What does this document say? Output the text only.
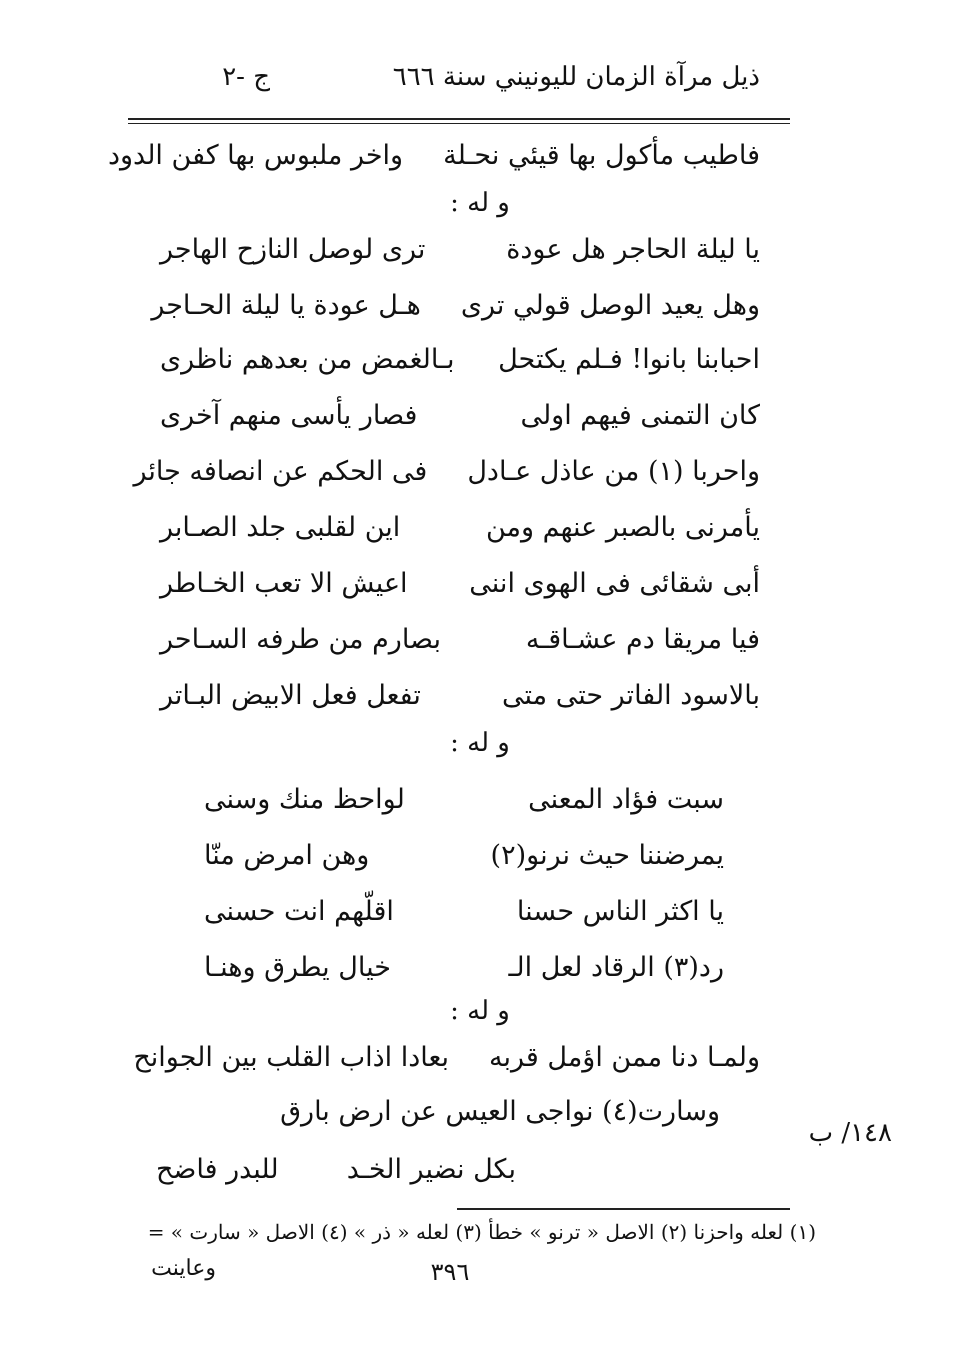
ذيل مرآة الزمان لليونيني سنة ٦٦٦
ج -٢
فاطيب مأكول بها قيئي نحـلة
واخر ملبوس بها كفن الدود
و له :
يا ليلة الحاجر هل عودة
ترى لوصل النازح الهاجر
وهل يعيد الوصل قولي ترى
هـل عودة يا ليلة الحـاجر
احبابنا بانوا! فـلم يكتحل
بـالغمض من بعدهم ناظرى
كان التمنى فيهم اولى
فصار يأسى منهم آخرى
واحربا (١) من عاذل عـادل
فى الحكم عن انصافه جائر
يأمرنى بالصبر عنهم ومن
اين لقلبى جلد الصـابر
أبى شقائى فى الهوى اننى
اعيش الا تعب الخـاطر
فيا مريقا دم عشـاقـه
بصارم من طرفه السـاحر
بالاسود الفاتر حتى متى
تفعل فعل الابيض البـاتر
و له :
سبت فؤاد المعنى
لواحظ منك وسنى
يمرضننا حيث نرنو(٢)
وهن امرض منّا
يا اكثر الناس حسنا
اقلّهم انت حسنى
رد(٣) الرقاد لعل الـ
خيال يطرق وهنـا
و له :
ولمـا دنا ممن اؤمل قربه
بعادا اذاب القلب بين الجوانح
وسارت(٤) نواجى العيس عن ارض بارق
١٤٨/ ب
بكل نضير الخـد
للبدر فاضح
(١) لعله واحزنا (٢) الاصل « ترنو » خطأ (٣) لعله « ذر » (٤) الاصل « سارت » =
وعاينت	٣٩٦
